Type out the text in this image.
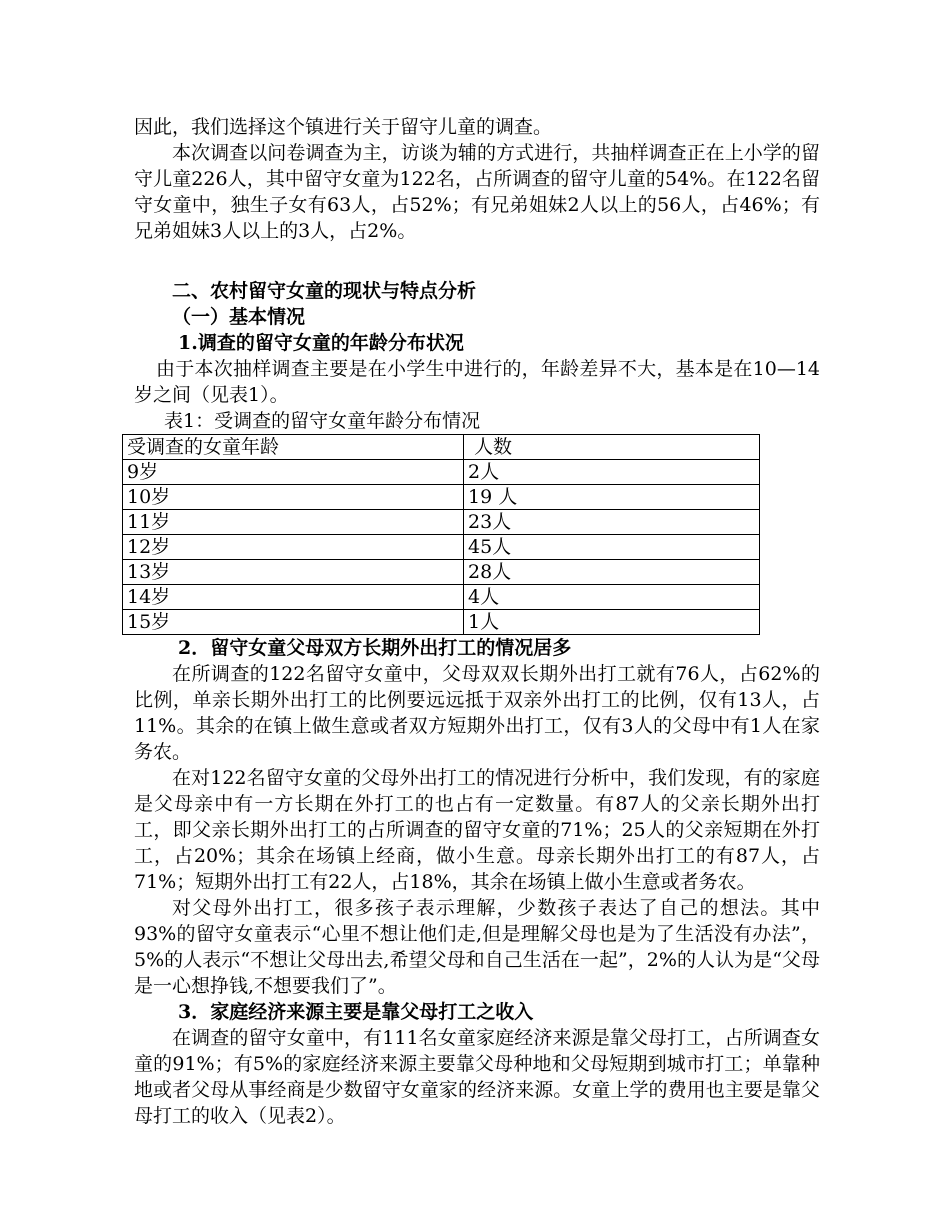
因此，我们选择这个镇进行关于留守儿童的调查。

本次调查以问卷调查为主，访谈为辅的方式进行，共抽样调查正在上小学的留守儿童226人，其中留守女童为122名，占所调查的留守儿童的54%。在122名留守女童中，独生子女有63人，占52%；有兄弟姐妹2人以上的56人，占46%；有兄弟姐妹3人以上的3人，占2%。

二、农村留守女童的现状与特点分析

（一）基本情况

1.调查的留守女童的年龄分布状况

由于本次抽样调查主要是在小学生中进行的，年龄差异不大，基本是在10—14岁之间（见表1）。

表1：受调查的留守女童年龄分布情况

受调查的女童年龄	人数
9岁	2人
10岁	19 人
11岁	23人
12岁	45人
13岁	28人
14岁	4人
15岁	1人

2．留守女童父母双方长期外出打工的情况居多

在所调查的122名留守女童中，父母双双长期外出打工就有76人，占62%的比例，单亲长期外出打工的比例要远远抵于双亲外出打工的比例，仅有13人，占11%。其余的在镇上做生意或者双方短期外出打工，仅有3人的父母中有1人在家务农。

在对122名留守女童的父母外出打工的情况进行分析中，我们发现，有的家庭是父母亲中有一方长期在外打工的也占有一定数量。有87人的父亲长期外出打工，即父亲长期外出打工的占所调查的留守女童的71%；25人的父亲短期在外打工，占20%；其余在场镇上经商，做小生意。母亲长期外出打工的有87人，占71%；短期外出打工有22人，占18%，其余在场镇上做小生意或者务农。

对父母外出打工，很多孩子表示理解，少数孩子表达了自己的想法。其中93%的留守女童表示“心里不想让他们走,但是理解父母也是为了生活没有办法”，5%的人表示“不想让父母出去,希望父母和自己生活在一起”，2%的人认为是“父母是一心想挣钱,不想要我们了”。

3．家庭经济来源主要是靠父母打工之收入

在调查的留守女童中，有111名女童家庭经济来源是靠父母打工，占所调查女童的91%；有5%的家庭经济来源主要靠父母种地和父母短期到城市打工；单靠种地或者父母从事经商是少数留守女童家的经济来源。女童上学的费用也主要是靠父母打工的收入（见表2）。
